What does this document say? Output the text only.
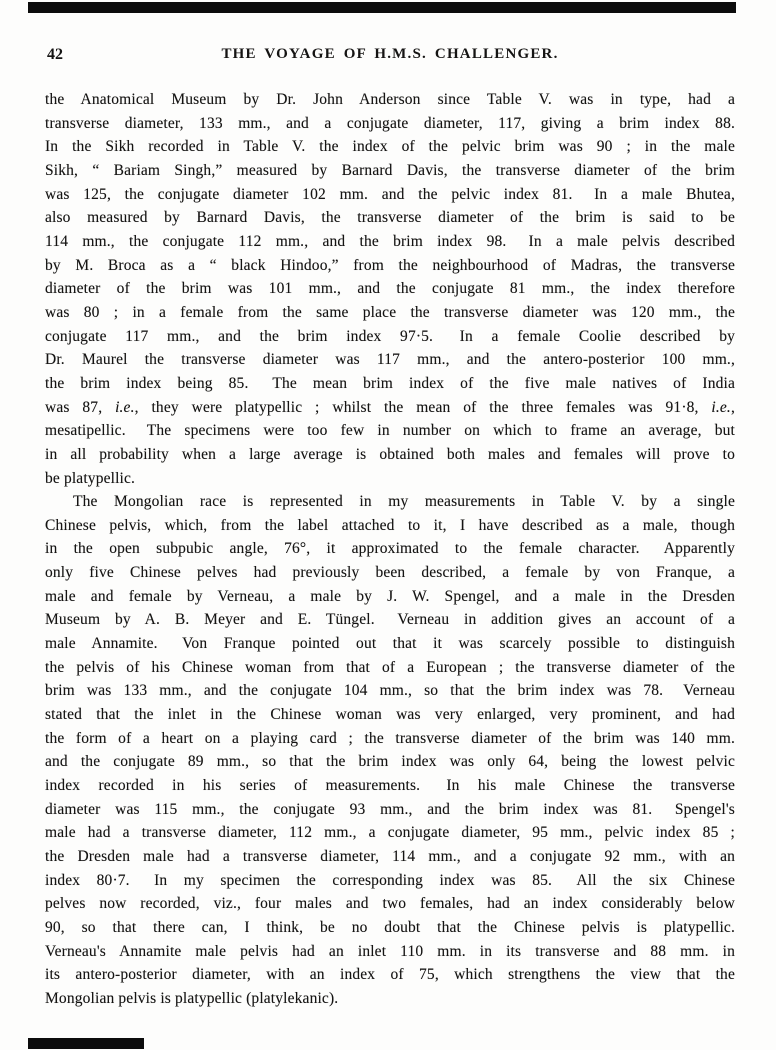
42	THE VOYAGE OF H.M.S. CHALLENGER.
the Anatomical Museum by Dr. John Anderson since Table V. was in type, had a
transverse diameter, 133 mm., and a conjugate diameter, 117, giving a brim index 88.
In the Sikh recorded in Table V. the index of the pelvic brim was 90 ; in the male
Sikh, “ Bariam Singh,” measured by Barnard Davis, the transverse diameter of the brim
was 125, the conjugate diameter 102 mm. and the pelvic index 81.  In a male Bhutea,
also measured by Barnard Davis, the transverse diameter of the brim is said to be
114 mm., the conjugate 112 mm., and the brim index 98.  In a male pelvis described
by M. Broca as a “ black Hindoo,” from the neighbourhood of Madras, the transverse
diameter of the brim was 101 mm., and the conjugate 81 mm., the index therefore
was 80 ; in a female from the same place the transverse diameter was 120 mm., the
conjugate 117 mm., and the brim index 97·5.  In a female Coolie described by
Dr. Maurel the transverse diameter was 117 mm., and the antero-posterior 100 mm.,
the brim index being 85.  The mean brim index of the five male natives of India
was 87, i.e., they were platypellic ; whilst the mean of the three females was 91·8, i.e.,
mesatipellic.  The specimens were too few in number on which to frame an average, but
in all probability when a large average is obtained both males and females will prove to
be platypellic.
The Mongolian race is represented in my measurements in Table V. by a single
Chinese pelvis, which, from the label attached to it, I have described as a male, though
in the open subpubic angle, 76°, it approximated to the female character.  Apparently
only five Chinese pelves had previously been described, a female by von Franque, a
male and female by Verneau, a male by J. W. Spengel, and a male in the Dresden
Museum by A. B. Meyer and E. Tüngel.  Verneau in addition gives an account of a
male Annamite.  Von Franque pointed out that it was scarcely possible to distinguish
the pelvis of his Chinese woman from that of a European ; the transverse diameter of the
brim was 133 mm., and the conjugate 104 mm., so that the brim index was 78.  Verneau
stated that the inlet in the Chinese woman was very enlarged, very prominent, and had
the form of a heart on a playing card ; the transverse diameter of the brim was 140 mm.
and the conjugate 89 mm., so that the brim index was only 64, being the lowest pelvic
index recorded in his series of measurements.  In his male Chinese the transverse
diameter was 115 mm., the conjugate 93 mm., and the brim index was 81.  Spengel's
male had a transverse diameter, 112 mm., a conjugate diameter, 95 mm., pelvic index 85 ;
the Dresden male had a transverse diameter, 114 mm., and a conjugate 92 mm., with an
index 80·7.  In my specimen the corresponding index was 85.  All the six Chinese
pelves now recorded, viz., four males and two females, had an index considerably below
90, so that there can, I think, be no doubt that the Chinese pelvis is platypellic.
Verneau's Annamite male pelvis had an inlet 110 mm. in its transverse and 88 mm. in
its antero-posterior diameter, with an index of 75, which strengthens the view that the
Mongolian pelvis is platypellic (platylekanic).
